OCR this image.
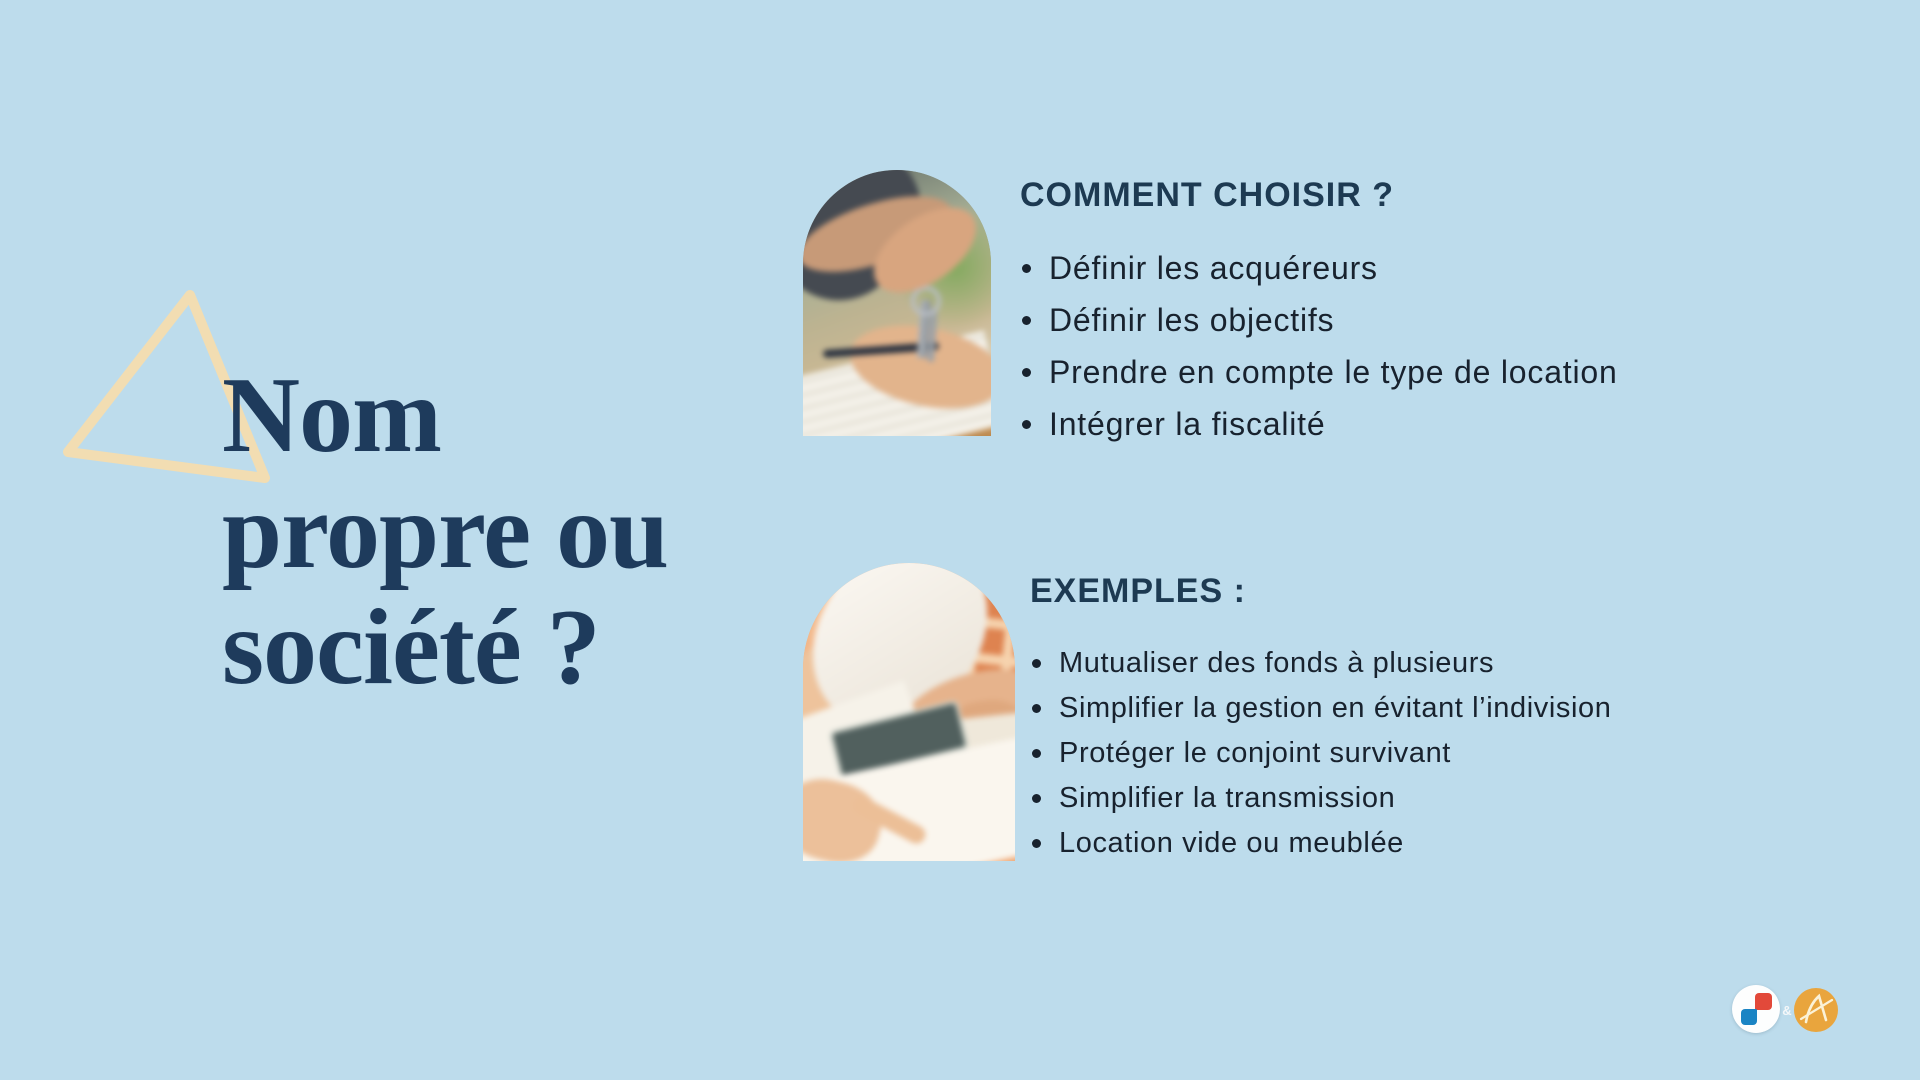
Nom
propre ou
société ?
COMMENT CHOISIR ?
Définir les acquéreurs
Définir les objectifs
Prendre en compte le type de location
Intégrer la fiscalité
EXEMPLES :
Mutualiser des fonds à plusieurs
Simplifier la gestion en évitant l’indivision
Protéger le conjoint survivant
Simplifier la transmission
Location vide ou meublée
&
